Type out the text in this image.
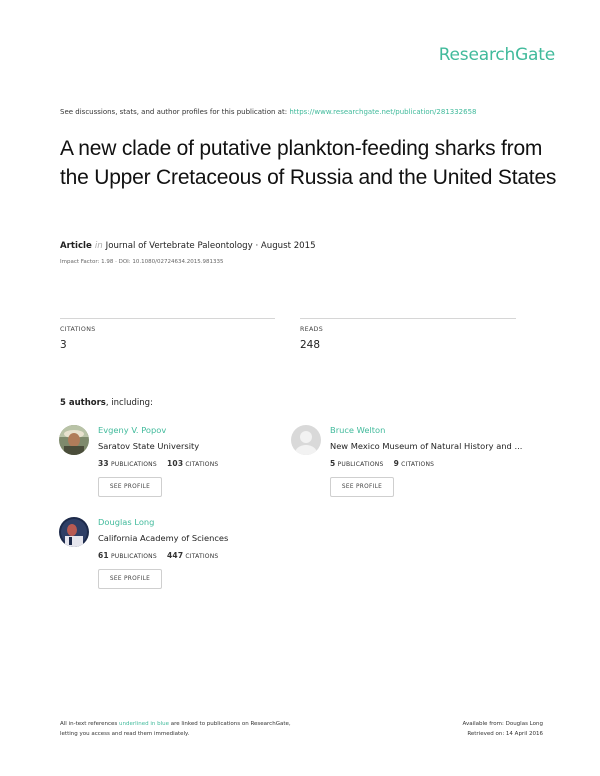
ResearchGate
See discussions, stats, and author profiles for this publication at: https://www.researchgate.net/publication/281332658
A new clade of putative plankton-feeding sharks from the Upper Cretaceous of Russia and the United States
Article in Journal of Vertebrate Paleontology · August 2015
Impact Factor: 1.98 · DOI: 10.1080/02724634.2015.981335
CITATIONS
3
READS
248
5 authors, including:
Evgeny V. Popov
Saratov State University
33 PUBLICATIONS 103 CITATIONS
SEE PROFILE
Bruce Welton
New Mexico Museum of Natural History and ...
5 PUBLICATIONS 9 CITATIONS
SEE PROFILE
Douglas Long
California Academy of Sciences
61 PUBLICATIONS 447 CITATIONS
SEE PROFILE
All in-text references underlined in blue are linked to publications on ResearchGate,
letting you access and read them immediately.
Available from: Douglas Long
Retrieved on: 14 April 2016
